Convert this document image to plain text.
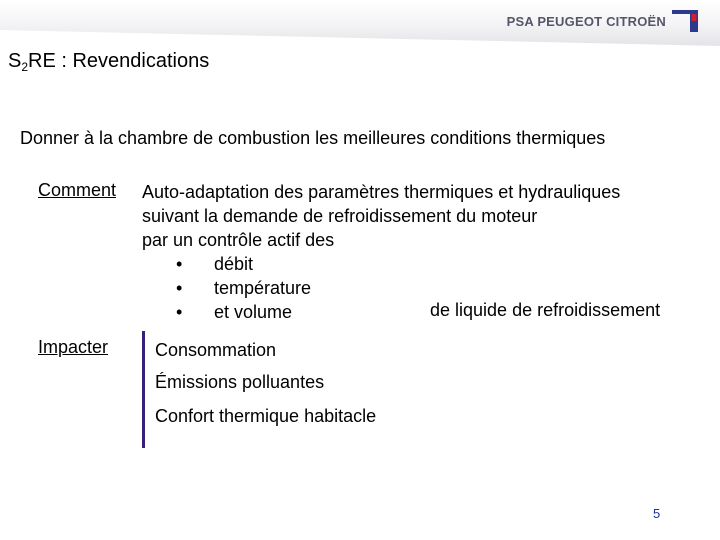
PSA PEUGEOT CITROËN
$S_2RE$ : Revendications
Donner à la chambre de combustion les meilleures conditions thermiques
Comment Auto-adaptation des paramètres thermiques et hydrauliques
suivant la demande de refroidissement du moteur
par un contrôle actif des
• débit
• température
• et volume	de liquide de refroidissement
Impacter	Consommation
Émissions polluantes
Confort thermique habitacle
5
